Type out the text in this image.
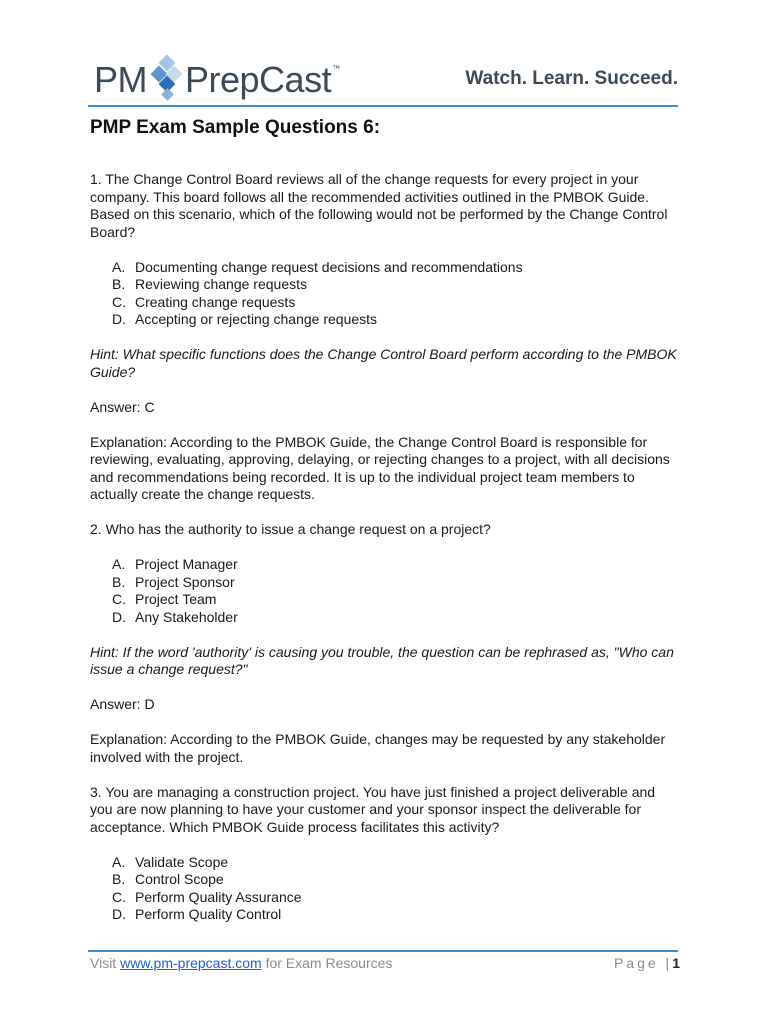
PM PrepCast ™	Watch. Learn. Succeed.
PMP Exam Sample Questions 6:

1. The Change Control Board reviews all of the change requests for every project in your company. This board follows all the recommended activities outlined in the PMBOK Guide. Based on this scenario, which of the following would not be performed by the Change Control Board?

A. Documenting change request decisions and recommendations
B. Reviewing change requests
C. Creating change requests
D. Accepting or rejecting change requests

Hint: What specific functions does the Change Control Board perform according to the PMBOK Guide?

Answer: C

Explanation: According to the PMBOK Guide, the Change Control Board is responsible for reviewing, evaluating, approving, delaying, or rejecting changes to a project, with all decisions and recommendations being recorded. It is up to the individual project team members to actually create the change requests.

2. Who has the authority to issue a change request on a project?

A. Project Manager
B. Project Sponsor
C. Project Team
D. Any Stakeholder

Hint: If the word 'authority' is causing you trouble, the question can be rephrased as, "Who can issue a change request?"

Answer: D

Explanation: According to the PMBOK Guide, changes may be requested by any stakeholder involved with the project.

3. You are managing a construction project. You have just finished a project deliverable and you are now planning to have your customer and your sponsor inspect the deliverable for acceptance. Which PMBOK Guide process facilitates this activity?

A. Validate Scope
B. Control Scope
C. Perform Quality Assurance
D. Perform Quality Control
Visit www.pm-prepcast.com for Exam Resources	Page |1
